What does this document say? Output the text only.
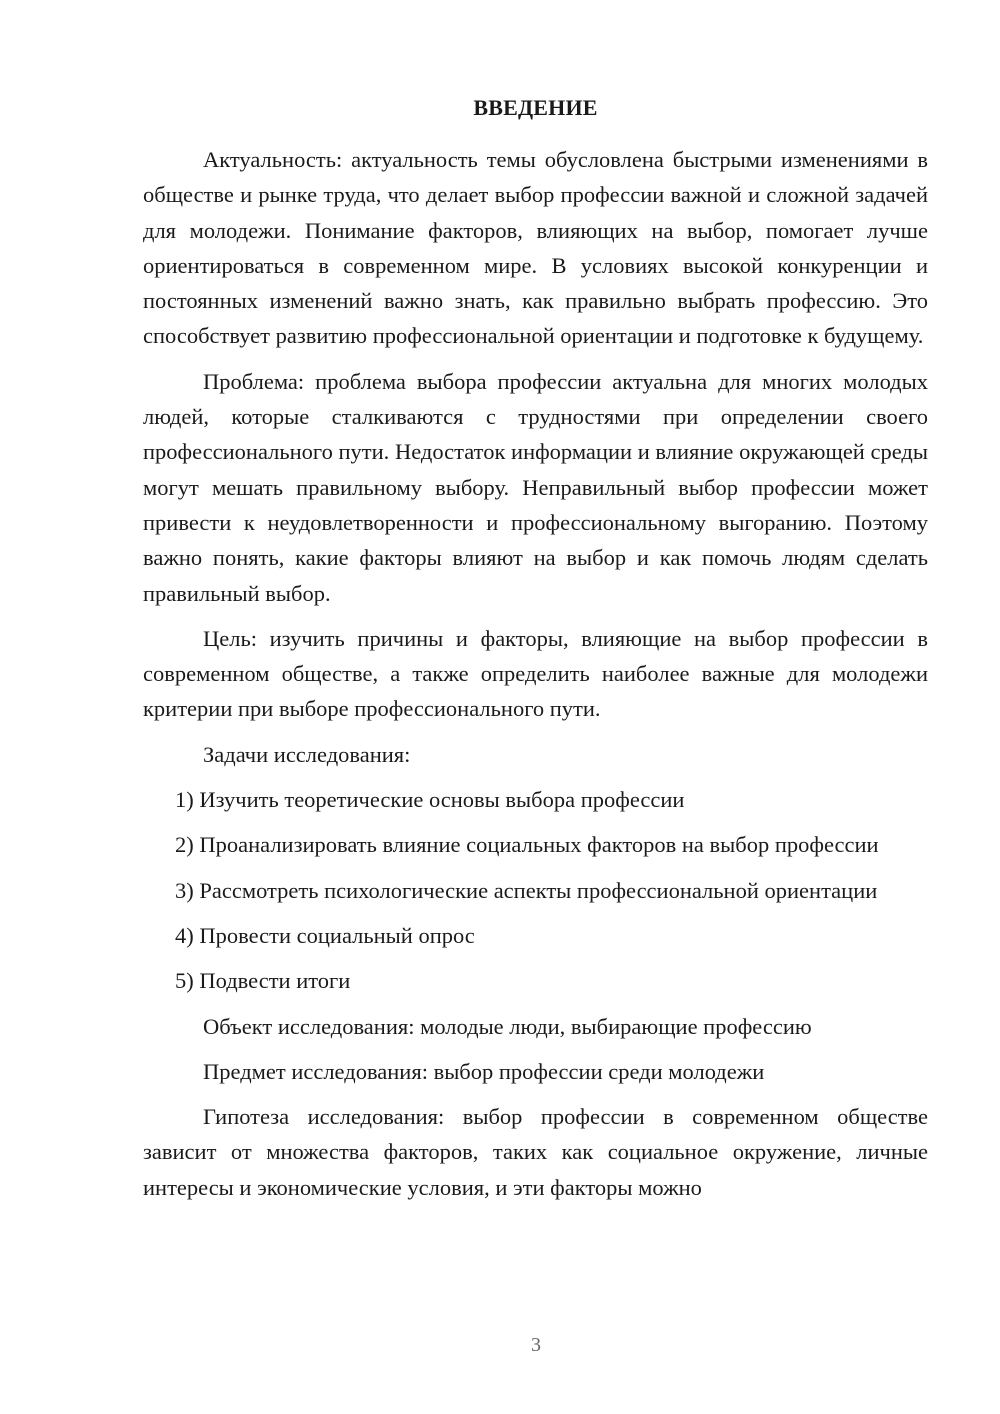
ВВЕДЕНИЕ

Актуальность: актуальность темы обусловлена быстрыми изменениями в обществе и рынке труда, что делает выбор профессии важной и сложной задачей для молодежи. Понимание факторов, влияющих на выбор, помогает лучше ориентироваться в современном мире. В условиях высокой конкуренции и постоянных изменений важно знать, как правильно выбрать профессию. Это способствует развитию профессиональной ориентации и подготовке к будущему.

Проблема: проблема выбора профессии актуальна для многих молодых людей, которые сталкиваются с трудностями при определении своего профессионального пути. Недостаток информации и влияние окружающей среды могут мешать правильному выбору. Неправильный выбор профессии может привести к неудовлетворенности и профессиональному выгоранию. Поэтому важно понять, какие факторы влияют на выбор и как помочь людям сделать правильный выбор.

Цель: изучить причины и факторы, влияющие на выбор профессии в современном обществе, а также определить наиболее важные для молодежи критерии при выборе профессионального пути.

Задачи исследования:

1) Изучить теоретические основы выбора профессии

2) Проанализировать влияние социальных факторов на выбор профессии

3) Рассмотреть психологические аспекты профессиональной ориентации

4) Провести социальный опрос

5) Подвести итоги

Объект исследования: молодые люди, выбирающие профессию

Предмет исследования: выбор профессии среди молодежи

Гипотеза исследования: выбор профессии в современном обществе зависит от множества факторов, таких как социальное окружение, личные интересы и экономические условия, и эти факторы можно

3
